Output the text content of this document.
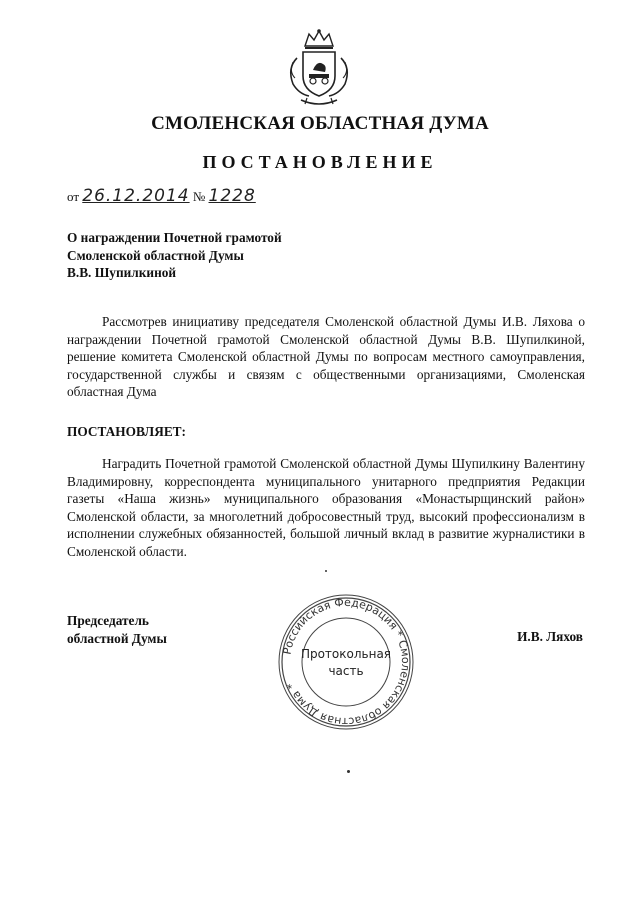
СМОЛЕНСКАЯ ОБЛАСТНАЯ ДУМА
ПОСТАНОВЛЕНИЕ
от 26.12.2014 № 1228
О награждении Почетной грамотой
Смоленской областной Думы
В.В. Шупилкиной

Рассмотрев инициативу председателя Смоленской областной Думы И.В. Ляхова о награждении Почетной грамотой Смоленской областной Думы В.В. Шупилкиной, решение комитета Смоленской областной Думы по вопросам местного самоуправления, государственной службы и связям с общественными организациями, Смоленская областная Дума

ПОСТАНОВЛЯЕТ:

Наградить Почетной грамотой Смоленской областной Думы Шупилкину Валентину Владимировну, корреспондента муниципального унитарного предприятия Редакции газеты «Наша жизнь» муниципального образования «Монастырщинский район» Смоленской области, за многолетний добросовестный труд, высокий профессионализм в исполнении служебных обязанностей, большой личный вклад в развитие журналистики в Смоленской области.

Председатель
областной Думы
Российская Федерация * Смоленская областная Дума *
Протокольная
часть
И.В. Ляхов
